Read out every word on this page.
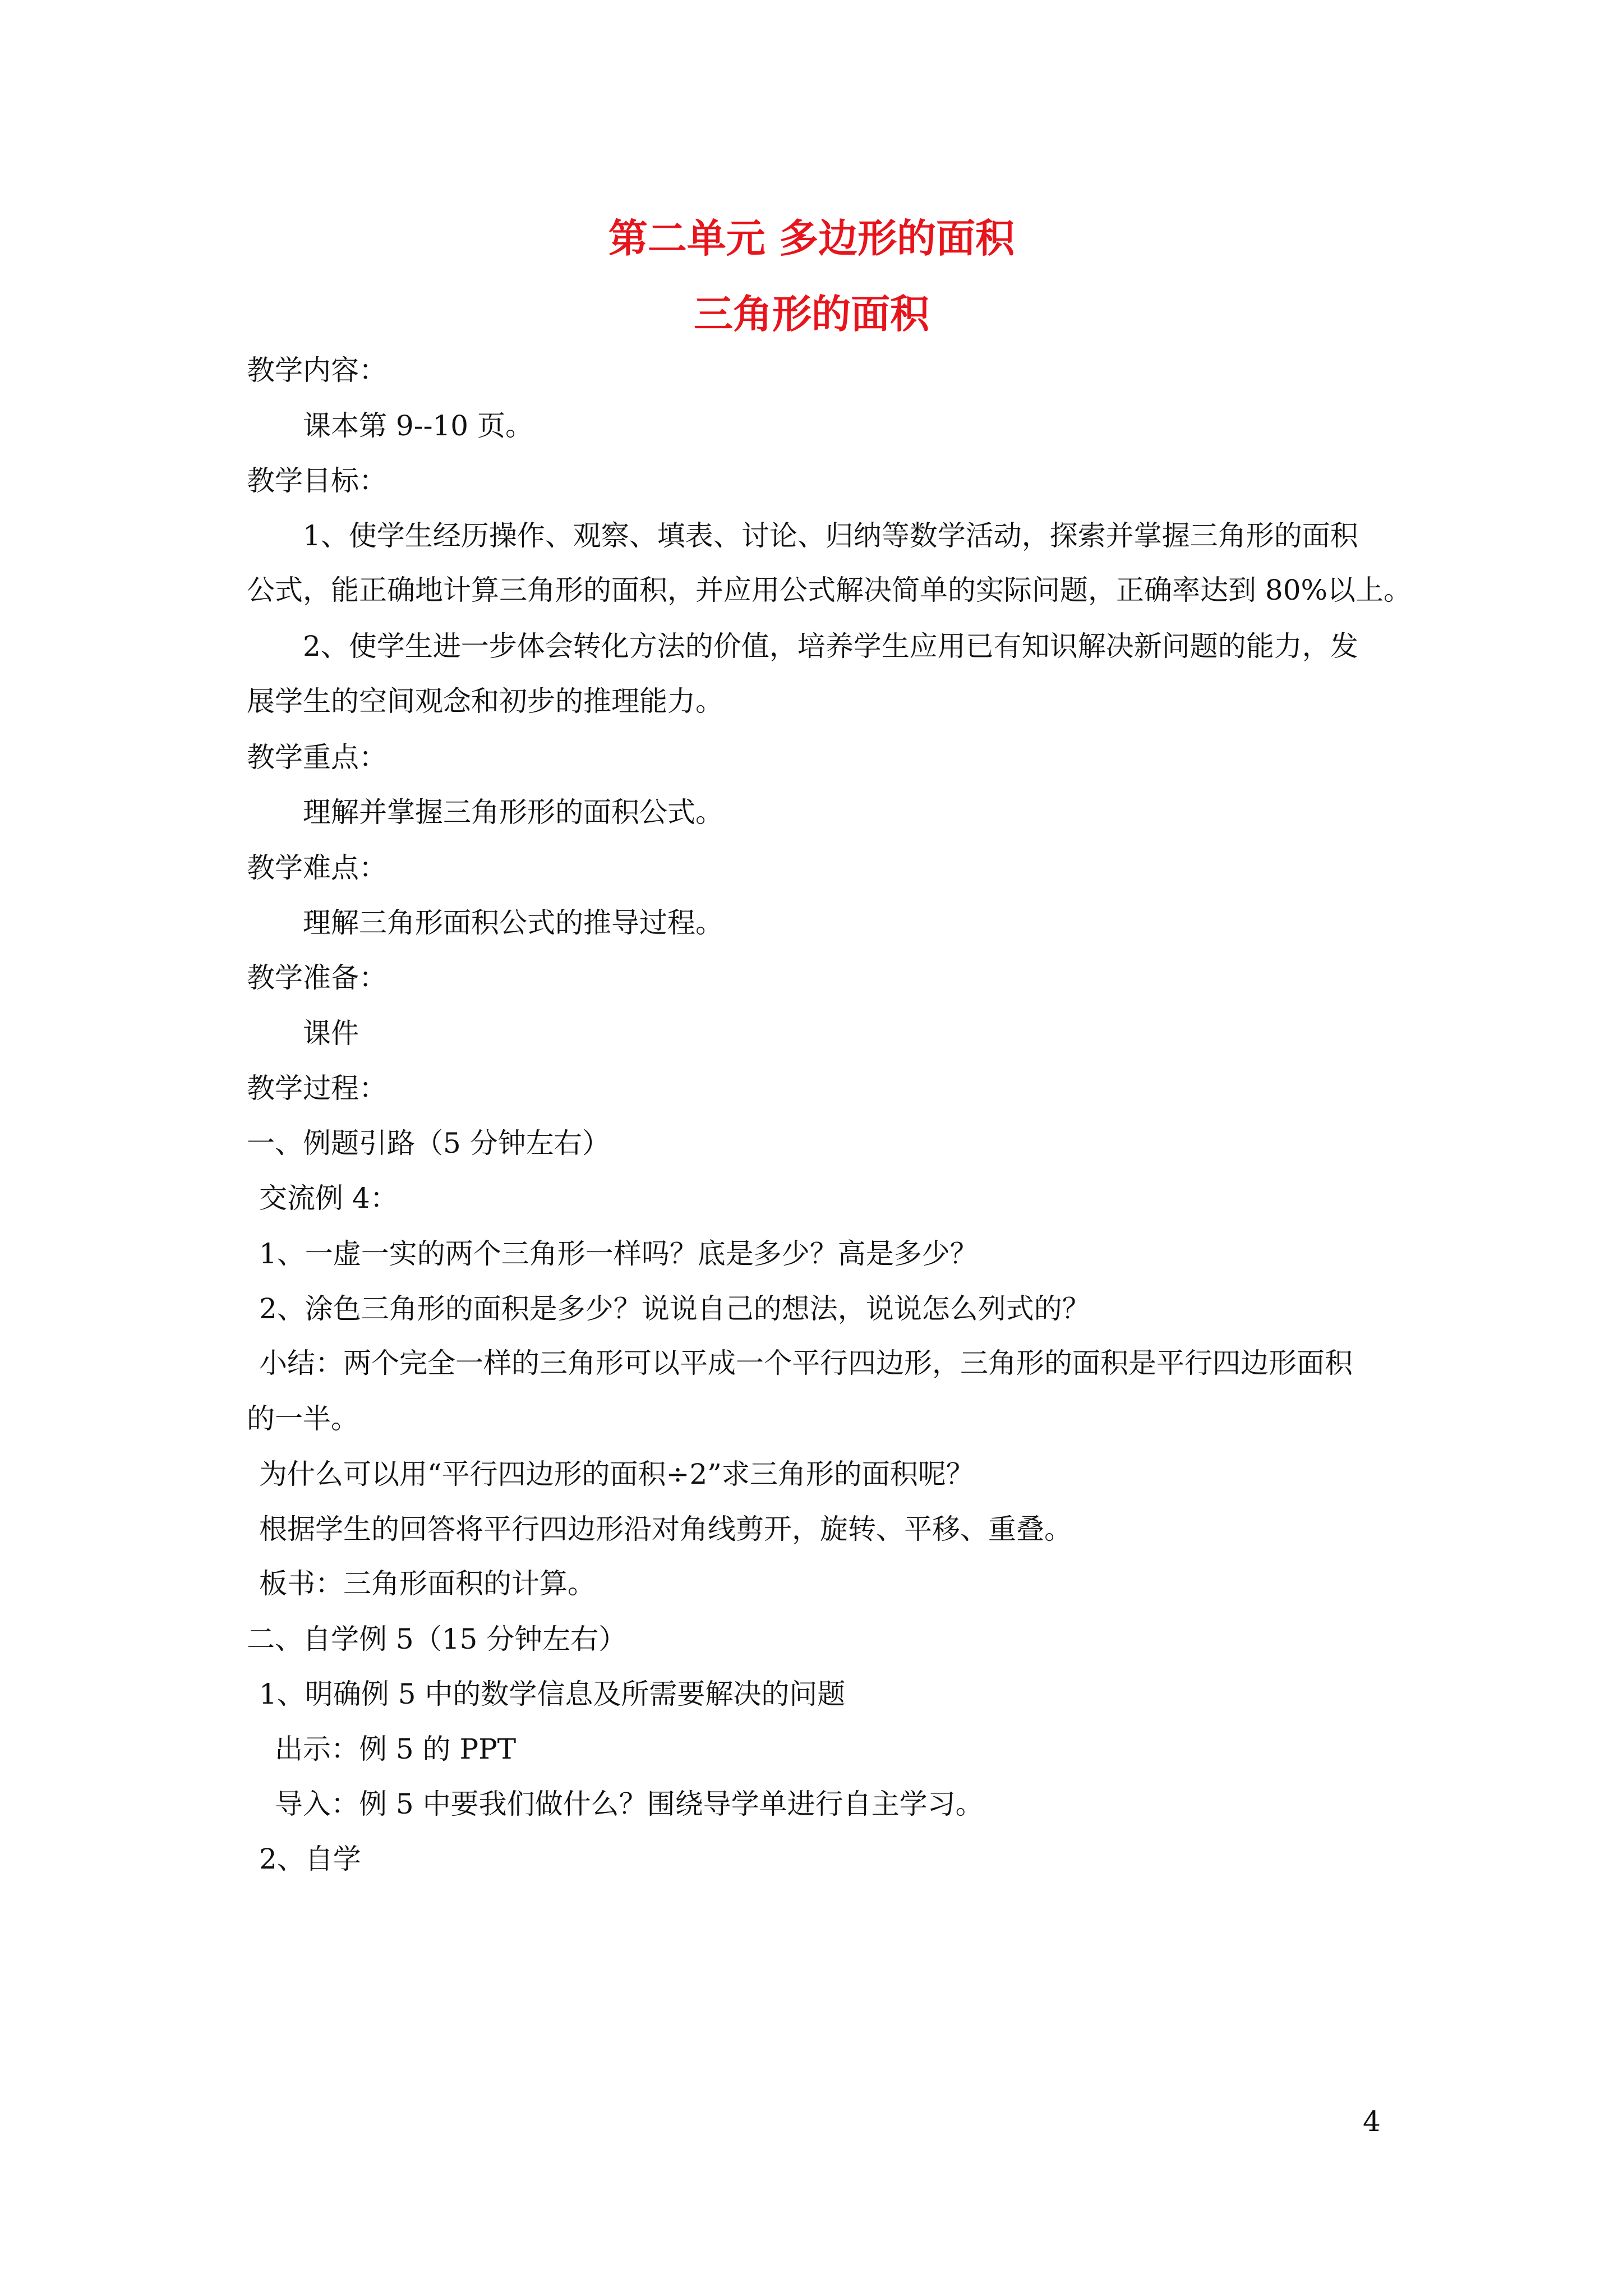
第二单元 多边形的面积
三角形的面积
教学内容：
课本第 9--10 页。
教学目标：
1、使学生经历操作、观察、填表、讨论、归纳等数学活动，探索并掌握三角形的面积
公式，能正确地计算三角形的面积，并应用公式解决简单的实际问题，正确率达到 80%以上。
2、使学生进一步体会转化方法的价值，培养学生应用已有知识解决新问题的能力，发
展学生的空间观念和初步的推理能力。
教学重点：
理解并掌握三角形形的面积公式。
教学难点：
理解三角形面积公式的推导过程。
教学准备：
课件
教学过程：
一、例题引路（5 分钟左右）
交流例 4：
1、一虚一实的两个三角形一样吗？底是多少？高是多少？
2、涂色三角形的面积是多少？说说自己的想法，说说怎么列式的？
小结：两个完全一样的三角形可以平成一个平行四边形，三角形的面积是平行四边形面积
的一半。
为什么可以用“平行四边形的面积÷2”求三角形的面积呢？
根据学生的回答将平行四边形沿对角线剪开，旋转、平移、重叠。
板书：三角形面积的计算。
二、自学例 5（15 分钟左右）
1、明确例 5 中的数学信息及所需要解决的问题
出示：例 5 的 PPT
导入：例 5 中要我们做什么？围绕导学单进行自主学习。
2、自学
4
